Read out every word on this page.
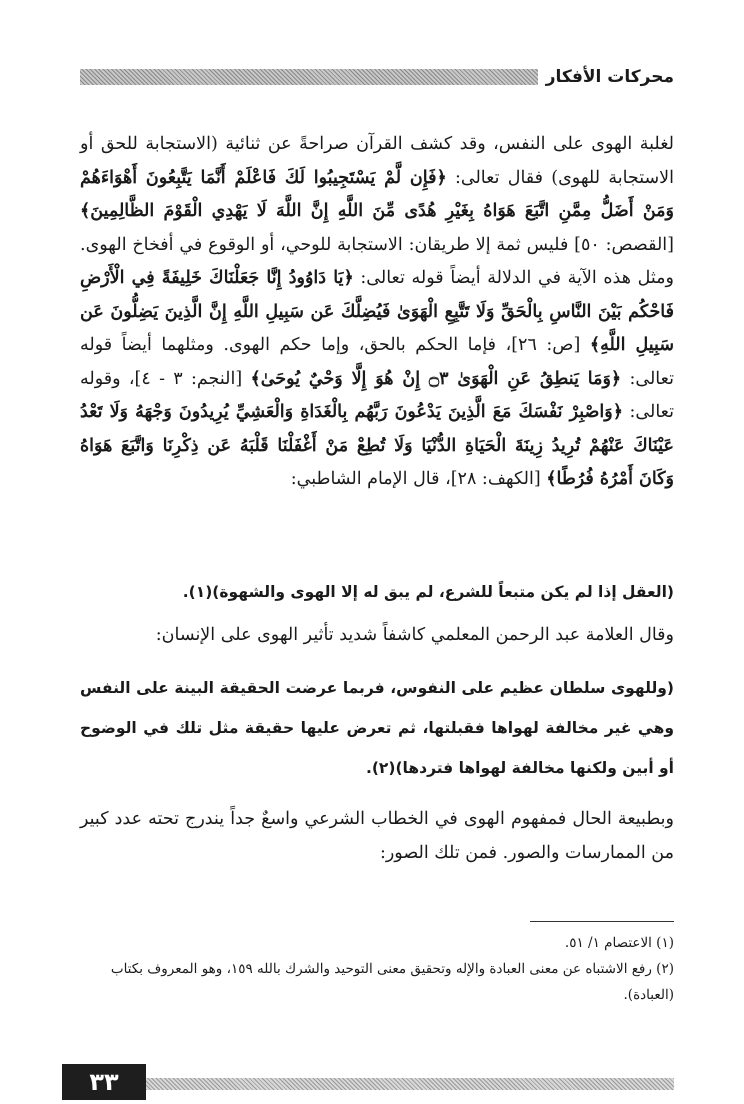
محركات الأفكار

لغلبة الهوى على النفس، وقد كشف القرآن صراحةً عن ثنائية (الاستجابة للحق أو الاستجابة للهوى) فقال تعالى: ﴿فَإِن لَّمْ يَسْتَجِيبُوا لَكَ فَاعْلَمْ أَنَّمَا يَتَّبِعُونَ أَهْوَاءَهُمْ وَمَنْ أَضَلُّ مِمَّنِ اتَّبَعَ هَوَاهُ بِغَيْرِ هُدًى مِّنَ اللَّهِ إِنَّ اللَّهَ لَا يَهْدِي الْقَوْمَ الظَّالِمِينَ﴾ [القصص: ٥٠] فليس ثمة إلا طريقان: الاستجابة للوحي، أو الوقوع في أفخاخ الهوى. ومثل هذه الآية في الدلالة أيضاً قوله تعالى: ﴿يَا دَاوُودُ إِنَّا جَعَلْنَاكَ خَلِيفَةً فِي الْأَرْضِ فَاحْكُم بَيْنَ النَّاسِ بِالْحَقِّ وَلَا تَتَّبِعِ الْهَوَىٰ فَيُضِلَّكَ عَن سَبِيلِ اللَّهِ إِنَّ الَّذِينَ يَضِلُّونَ عَن سَبِيلِ اللَّهِ﴾ [ص: ٢٦]، فإما الحكم بالحق، وإما حكم الهوى. ومثلهما أيضاً قوله تعالى: ﴿وَمَا يَنطِقُ عَنِ الْهَوَىٰ ۝٣ إِنْ هُوَ إِلَّا وَحْيٌ يُوحَىٰ﴾ [النجم: ٣ - ٤]، وقوله تعالى: ﴿وَاصْبِرْ نَفْسَكَ مَعَ الَّذِينَ يَدْعُونَ رَبَّهُم بِالْغَدَاةِ وَالْعَشِيِّ يُرِيدُونَ وَجْهَهُ وَلَا تَعْدُ عَيْنَاكَ عَنْهُمْ تُرِيدُ زِينَةَ الْحَيَاةِ الدُّنْيَا وَلَا تُطِعْ مَنْ أَغْفَلْنَا قَلْبَهُ عَن ذِكْرِنَا وَاتَّبَعَ هَوَاهُ وَكَانَ أَمْرُهُ فُرُطًا﴾ [الكهف: ٢٨]، قال الإمام الشاطبي:

(العقل إذا لم يكن متبعاً للشرع، لم يبق له إلا الهوى والشهوة)(١).
وقال العلامة عبد الرحمن المعلمي كاشفاً شديد تأثير الهوى على الإنسان:
(وللهوى سلطان عظيم على النفوس، فربما عرضت الحقيقة البينة على النفس وهي غير مخالفة لهواها فقبلتها، ثم تعرض عليها حقيقة مثل تلك في الوضوح أو أبين ولكنها مخالفة لهواها فتردها)(٢).
وبطبيعة الحال فمفهوم الهوى في الخطاب الشرعي واسعٌ جداً يندرج تحته عدد كبير من الممارسات والصور. فمن تلك الصور:

(١) الاعتصام ١/ ٥١.

(٢) رفع الاشتباه عن معنى العبادة والإله وتحقيق معنى التوحيد والشرك بالله ١٥٩، وهو المعروف بكتاب (العبادة).

٣٣
